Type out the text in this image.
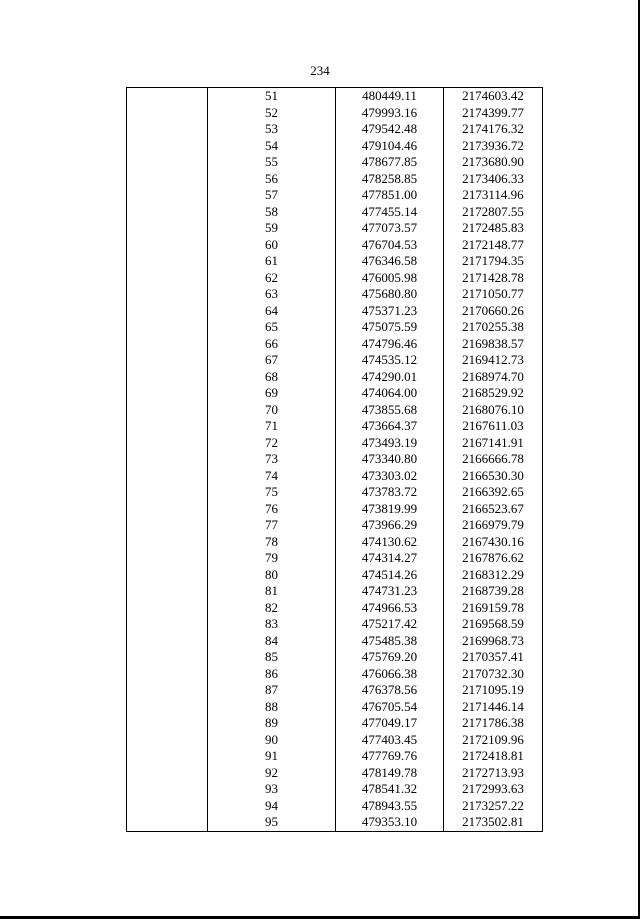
234
	51	480449.11	2174603.42
	52	479993.16	2174399.77
	53	479542.48	2174176.32
	54	479104.46	2173936.72
	55	478677.85	2173680.90
	56	478258.85	2173406.33
	57	477851.00	2173114.96
	58	477455.14	2172807.55
	59	477073.57	2172485.83
	60	476704.53	2172148.77
	61	476346.58	2171794.35
	62	476005.98	2171428.78
	63	475680.80	2171050.77
	64	475371.23	2170660.26
	65	475075.59	2170255.38
	66	474796.46	2169838.57
	67	474535.12	2169412.73
	68	474290.01	2168974.70
	69	474064.00	2168529.92
	70	473855.68	2168076.10
	71	473664.37	2167611.03
	72	473493.19	2167141.91
	73	473340.80	2166666.78
	74	473303.02	2166530.30
	75	473783.72	2166392.65
	76	473819.99	2166523.67
	77	473966.29	2166979.79
	78	474130.62	2167430.16
	79	474314.27	2167876.62
	80	474514.26	2168312.29
	81	474731.23	2168739.28
	82	474966.53	2169159.78
	83	475217.42	2169568.59
	84	475485.38	2169968.73
	85	475769.20	2170357.41
	86	476066.38	2170732.30
	87	476378.56	2171095.19
	88	476705.54	2171446.14
	89	477049.17	2171786.38
	90	477403.45	2172109.96
	91	477769.76	2172418.81
	92	478149.78	2172713.93
	93	478541.32	2172993.63
	94	478943.55	2173257.22
	95	479353.10	2173502.81
